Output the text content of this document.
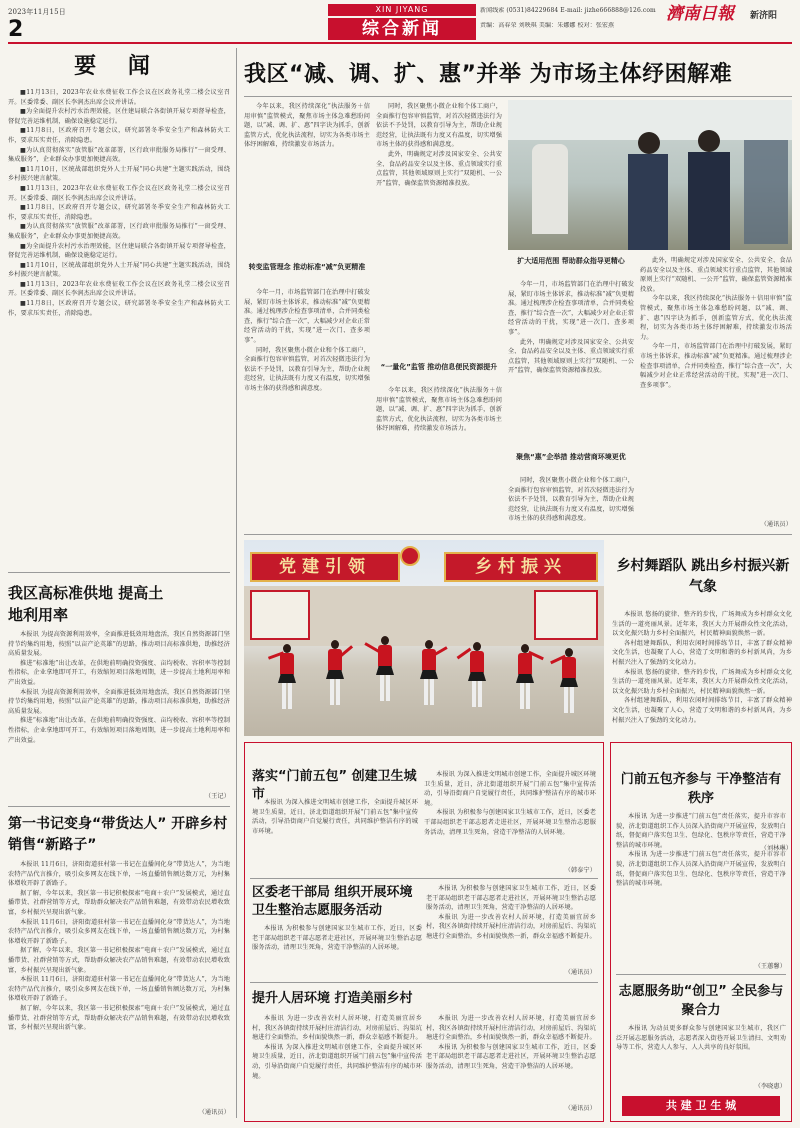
2023年11月15日
2
XIN JIYANG
综合新闻
新闻线索 (0531)84229684 E-mail: jizhe666888@126.com
责编：高春荣 刘映琪 美编：朱娜娜 校对：张宏燕
濟南日報 新济阳
要 闻

■11月13日，2023年农业水费征收工作会议在区政务礼堂二楼会议室召开。区委常委、副区长李润杰出席会议并讲话。

■为全面提升农村污水治理效能，区住建局联合各街镇开展专项督导检查，督促完善运维机制，确保设施稳定运行。

■11月8日，区政府召开专题会议，研究部署冬季安全生产和森林防火工作，要求压实责任，消除隐患。

■为认真贯彻落实“放管服”改革部署，区行政审批服务局推行“一窗受理、集成服务”，企业群众办事更加便捷高效。

■11月10日，区统战部组织党外人士开展“同心共建”主题实践活动，围绕乡村振兴建言献策。

■11月13日，2023年农业水费征收工作会议在区政务礼堂二楼会议室召开。区委常委、副区长李润杰出席会议并讲话。

■11月8日，区政府召开专题会议，研究部署冬季安全生产和森林防火工作，要求压实责任，消除隐患。

■为认真贯彻落实“放管服”改革部署，区行政审批服务局推行“一窗受理、集成服务”，企业群众办事更加便捷高效。

■为全面提升农村污水治理效能，区住建局联合各街镇开展专项督导检查，督促完善运维机制，确保设施稳定运行。

■11月10日，区统战部组织党外人士开展“同心共建”主题实践活动，围绕乡村振兴建言献策。

■11月13日，2023年农业水费征收工作会议在区政务礼堂二楼会议室召开。区委常委、副区长李润杰出席会议并讲话。

■11月8日，区政府召开专题会议，研究部署冬季安全生产和森林防火工作，要求压实责任，消除隐患。

我区高标准供地 提高土地利用率

本报讯 为提高资源利用效率，全面推进低效用地盘活，我区自然资源部门坚持节约集约用地，按照“以亩产论英雄”的思路，推动项目高标准供地，助推经济高质量发展。

推进“标准地”出让改革，在供地前明确投资强度、亩均税收、容积率等控制性指标，企业拿地即可开工，有效缩短项目落地周期，进一步提高土地利用率和产出效益。

本报讯 为提高资源利用效率，全面推进低效用地盘活，我区自然资源部门坚持节约集约用地，按照“以亩产论英雄”的思路，推动项目高标准供地，助推经济高质量发展。

推进“标准地”出让改革，在供地前明确投资强度、亩均税收、容积率等控制性指标，企业拿地即可开工，有效缩短项目落地周期，进一步提高土地利用率和产出效益。

（王记）
第一书记变身“带货达人” 开辟乡村销售“新路子”

本报讯 11月6日，济阳街道驻村第一书记在直播间化身“带货达人”，为当地农特产品代言推介，吸引众多网友在线下单，一场直播销售额达数万元，为村集体增收开辟了新路子。

据了解，今年以来，我区第一书记积极探索“电商＋农户”发展模式，通过直播带货、社群营销等方式，帮助群众解决农产品销售难题，有效带动农民增收致富，乡村振兴呈现出新气象。

本报讯 11月6日，济阳街道驻村第一书记在直播间化身“带货达人”，为当地农特产品代言推介，吸引众多网友在线下单，一场直播销售额达数万元，为村集体增收开辟了新路子。

据了解，今年以来，我区第一书记积极探索“电商＋农户”发展模式，通过直播带货、社群营销等方式，帮助群众解决农产品销售难题，有效带动农民增收致富，乡村振兴呈现出新气象。

本报讯 11月6日，济阳街道驻村第一书记在直播间化身“带货达人”，为当地农特产品代言推介，吸引众多网友在线下单，一场直播销售额达数万元，为村集体增收开辟了新路子。

据了解，今年以来，我区第一书记积极探索“电商＋农户”发展模式，通过直播带货、社群营销等方式，帮助群众解决农产品销售难题，有效带动农民增收致富，乡村振兴呈现出新气象。

（通讯员）
我区“减、调、扩、惠”并举 为市场主体纾困解难

今年以来，我区持续深化“执法服务＋信用审慎”监管模式，聚焦市场主体急难愁盼问题，以“减、调、扩、惠”四字诀为抓手，创新监管方式，优化执法流程，切实为各类市场主体纾困解难，持续激发市场活力。

转变监管理念 推动标准“减”负更精准

今年一月，市场监管部门在治理中打破发展，紧盯市场主体诉求，推动标准“减”负更精准。通过梳理涉企检查事项清单，合并同类检查，推行“综合查一次”，大幅减少对企业正常经营活动的干扰，实现“进一次门、查多项事”。

同时，我区聚焦小微企业和个体工商户，全面推行包容审慎监管，对首次轻微违法行为依法不予处罚，以教育引导为主，帮助企业规范经营，让执法既有力度又有温度，切实增强市场主体的获得感和满意度。

同时，我区聚焦小微企业和个体工商户，全面推行包容审慎监管，对首次轻微违法行为依法不予处罚，以教育引导为主，帮助企业规范经营，让执法既有力度又有温度，切实增强市场主体的获得感和满意度。

此外，明确规定对涉及国家安全、公共安全、食品药品安全以及主体、重点领域实行重点监管，其他领域原则上实行“双随机、一公开”监管，确保监管资源精准投放。

“一量化”监管 推动信息便民资源提升

今年以来，我区持续深化“执法服务＋信用审慎”监管模式，聚焦市场主体急难愁盼问题，以“减、调、扩、惠”四字诀为抓手，创新监管方式，优化执法流程，切实为各类市场主体纾困解难，持续激发市场活力。

扩大适用范围 帮助群众指导更精心

今年一月，市场监管部门在治理中打破发展，紧盯市场主体诉求，推动标准“减”负更精准。通过梳理涉企检查事项清单，合并同类检查，推行“综合查一次”，大幅减少对企业正常经营活动的干扰，实现“进一次门、查多项事”。

此外，明确规定对涉及国家安全、公共安全、食品药品安全以及主体、重点领域实行重点监管，其他领域原则上实行“双随机、一公开”监管，确保监管资源精准投放。

聚焦“惠”企举措 推动营商环境更优

同时，我区聚焦小微企业和个体工商户，全面推行包容审慎监管，对首次轻微违法行为依法不予处罚，以教育引导为主，帮助企业规范经营，让执法既有力度又有温度，切实增强市场主体的获得感和满意度。

此外，明确规定对涉及国家安全、公共安全、食品药品安全以及主体、重点领域实行重点监管，其他领域原则上实行“双随机、一公开”监管，确保监管资源精准投放。

今年以来，我区持续深化“执法服务＋信用审慎”监管模式，聚焦市场主体急难愁盼问题，以“减、调、扩、惠”四字诀为抓手，创新监管方式，优化执法流程，切实为各类市场主体纾困解难，持续激发市场活力。

今年一月，市场监管部门在治理中打破发展，紧盯市场主体诉求，推动标准“减”负更精准。通过梳理涉企检查事项清单，合并同类检查，推行“综合查一次”，大幅减少对企业正常经营活动的干扰，实现“进一次门、查多项事”。

（通讯员）
党建引领	乡村振兴	乡村舞蹈队 跳出乡村振兴新气象

本报讯 悠扬的旋律、整齐的步伐，广场舞成为乡村群众文化生活的一道亮丽风景。近年来，我区大力开展群众性文化活动，以文化振兴助力乡村全面振兴，村民精神面貌焕然一新。

各村组建舞蹈队，利用农闲时间排练节目，丰富了群众精神文化生活，也凝聚了人心，营造了文明和谐的乡村新风尚，为乡村振兴注入了强劲的文化动力。

本报讯 悠扬的旋律、整齐的步伐，广场舞成为乡村群众文化生活的一道亮丽风景。近年来，我区大力开展群众性文化活动，以文化振兴助力乡村全面振兴，村民精神面貌焕然一新。

各村组建舞蹈队，利用农闲时间排练节目，丰富了群众精神文化生活，也凝聚了人心，营造了文明和谐的乡村新风尚，为乡村振兴注入了强劲的文化动力。

（刘林琳）
落实“门前五包” 创建卫生城市

本报讯 为深入推进文明城市创建工作，全面提升城区环境卫生质量，近日，济北街道组织开展“门前五包”集中宣传活动，引导沿街商户自觉履行责任，共同维护整洁有序的城市环境。

本报讯 为深入推进文明城市创建工作，全面提升城区环境卫生质量，近日，济北街道组织开展“门前五包”集中宣传活动，引导沿街商户自觉履行责任，共同维护整洁有序的城市环境。

本报讯 为积极参与创建国家卫生城市工作，近日，区委老干部局组织老干部志愿者走进社区，开展环境卫生整治志愿服务活动，清理卫生死角，营造干净整洁的人居环境。

（韩泰宁）
区委老干部局 组织开展环境卫生整治志愿服务活动

本报讯 为积极参与创建国家卫生城市工作，近日，区委老干部局组织老干部志愿者走进社区，开展环境卫生整治志愿服务活动，清理卫生死角，营造干净整洁的人居环境。

本报讯 为积极参与创建国家卫生城市工作，近日，区委老干部局组织老干部志愿者走进社区，开展环境卫生整治志愿服务活动，清理卫生死角，营造干净整洁的人居环境。

本报讯 为进一步改善农村人居环境，打造美丽宜居乡村，我区各镇街持续开展村庄清洁行动，对房前屋后、沟渠坑塘进行全面整治，乡村面貌焕然一新，群众幸福感不断提升。

（通讯员）
提升人居环境 打造美丽乡村

本报讯 为进一步改善农村人居环境，打造美丽宜居乡村，我区各镇街持续开展村庄清洁行动，对房前屋后、沟渠坑塘进行全面整治，乡村面貌焕然一新，群众幸福感不断提升。

本报讯 为深入推进文明城市创建工作，全面提升城区环境卫生质量，近日，济北街道组织开展“门前五包”集中宣传活动，引导沿街商户自觉履行责任，共同维护整洁有序的城市环境。

本报讯 为进一步改善农村人居环境，打造美丽宜居乡村，我区各镇街持续开展村庄清洁行动，对房前屋后、沟渠坑塘进行全面整治，乡村面貌焕然一新，群众幸福感不断提升。

本报讯 为积极参与创建国家卫生城市工作，近日，区委老干部局组织老干部志愿者走进社区，开展环境卫生整治志愿服务活动，清理卫生死角，营造干净整洁的人居环境。

（通讯员）
门前五包齐参与 干净整洁有秩序

本报讯 为进一步推进“门前五包”责任落实，提升市容市貌，济北街道组织工作人员深入沿街商户开展宣传，发放明白纸，督促商户落实包卫生、包绿化、包秩序等责任，营造干净整洁的城市环境。

本报讯 为进一步推进“门前五包”责任落实，提升市容市貌，济北街道组织工作人员深入沿街商户开展宣传，发放明白纸，督促商户落实包卫生、包绿化、包秩序等责任，营造干净整洁的城市环境。

（王蕙馨）
志愿服务助“创卫” 全民参与聚合力

本报讯 为动员更多群众参与创建国家卫生城市，我区广泛开展志愿服务活动，志愿者深入街巷开展卫生清扫、文明劝导等工作，营造人人参与、人人共享的良好氛围。

（李晓惠）
共 建 卫 生 城
